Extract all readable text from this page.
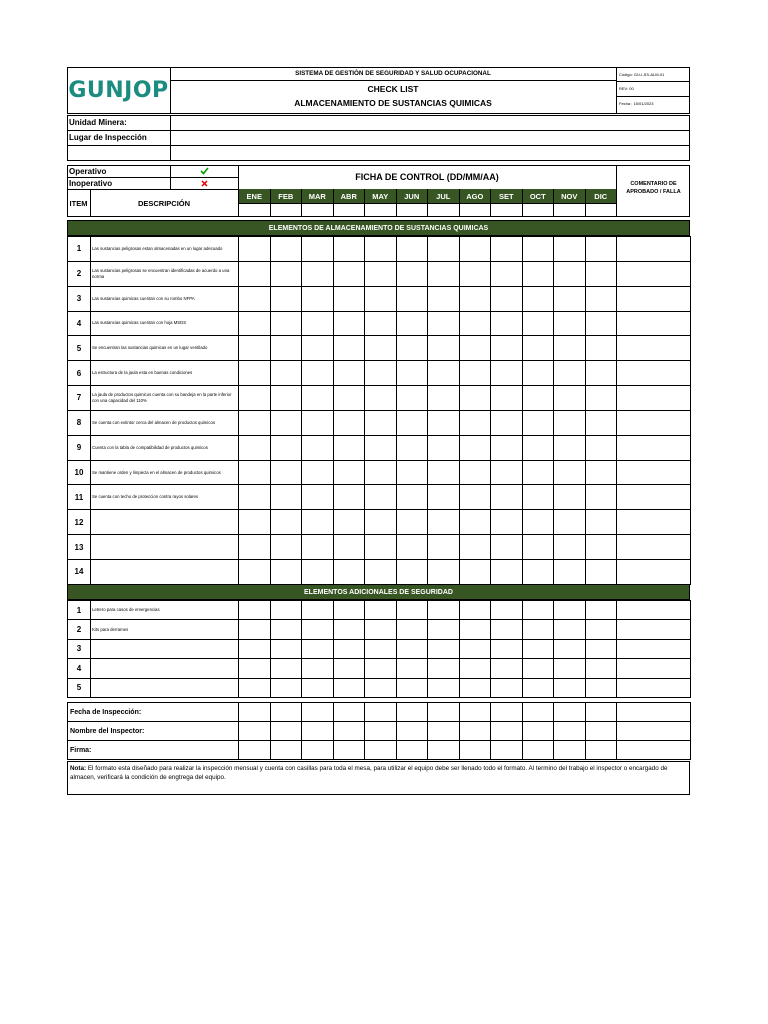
GUNJOP
SISTEMA DE GESTIÓN DE SEGURIDAD Y SALUD OCUPACIONAL
CHECK LIST
ALMACENAMIENTO DE SUSTANCIAS QUIMICAS
Código: GU-I-SS-ALM-01
REV: 00
Fecha : 15/01/2023
Unidad Minera:
Lugar de Inspección
Operativo
Inoperativo
ITEM	DESCRIPCIÓN
FICHA DE CONTROL (DD/MM/AA)
COMENTARIO DE APROBADO / FALLA
ENE	FEB	MAR	ABR	MAY	JUN	JUL	AGO	SET	OCT	NOV	DIC
ELEMENTOS DE ALMACENAMIENTO DE SUSTANCIAS QUIMICAS
1	Las sustancias peligrosas estan almacenadas en un lugar adecuado													
2	Las sustancias peligrosas se encuentran identificadas de acuerdo a una norma													
3	Las sustancias quimicas cuentan con su rombo NFPA													
4	Las sustancias quimicas cuentan con hoja MSDS													
5	Se encuentran las sustancias quimicas en un lugar ventilado													
6	La estructura de la jaula esta en buenas condiciones													
7	La jaula de productos quimicos cuenta con su bandeja en la parte inferior con una capacidad del 110%													
8	Se cuenta con extintor cerca del almacen de productos quimicos													
9	Cuenta con la tabla de compatibilidad de productos quimicos													
10	Se mantiene orden y limpieza en el almacen de productos quimicos													
11	Se cuenta con techo de proteccion contra rayos solares													
12														
13														
14														
ELEMENTOS ADICIONALES DE SEGURIDAD
1	Letrero para casos de emergencias													
2	Kits para derrames													
3														
4														
5														
Fecha de Inspección:													
Nombre del Inspector:													
Firma:													
Nota: El formato esta diseñado para realizar la inspección mensual y cuenta con casillas para toda el mesa, para utilizar el equipo debe ser llenado todo el formato. Al termino del trabajo el inspector o encargado de almacen, verificará la condición de engtrega del equipo.
